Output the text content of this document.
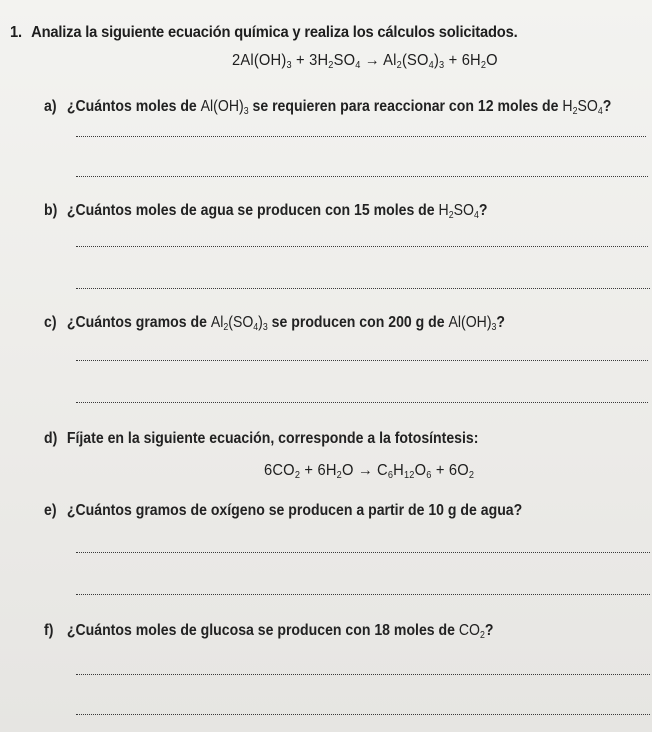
1. Analiza la siguiente ecuación química y realiza los cálculos solicitados.
$2Al(OH)_3 + 3H_2SO_4 \to Al_2(SO_4)_3 + 6H_2O$
a) ¿Cuántos moles de $Al(OH)_3$ se requieren para reaccionar con 12 moles de $H_2SO_4$?
b) ¿Cuántos moles de agua se producen con 15 moles de $H_2SO_4$?
c) ¿Cuántos gramos de $Al_2(SO_4)_3$ se producen con 200 g de $Al(OH)_3$?
d) Fíjate en la siguiente ecuación, corresponde a la fotosíntesis:
$6CO_2 + 6H_2O \to C_6H_{12}O_6 + 6O_2$
e) ¿Cuántos gramos de oxígeno se producen a partir de 10 g de agua?
f) ¿Cuántos moles de glucosa se producen con 18 moles de $CO_2$?
